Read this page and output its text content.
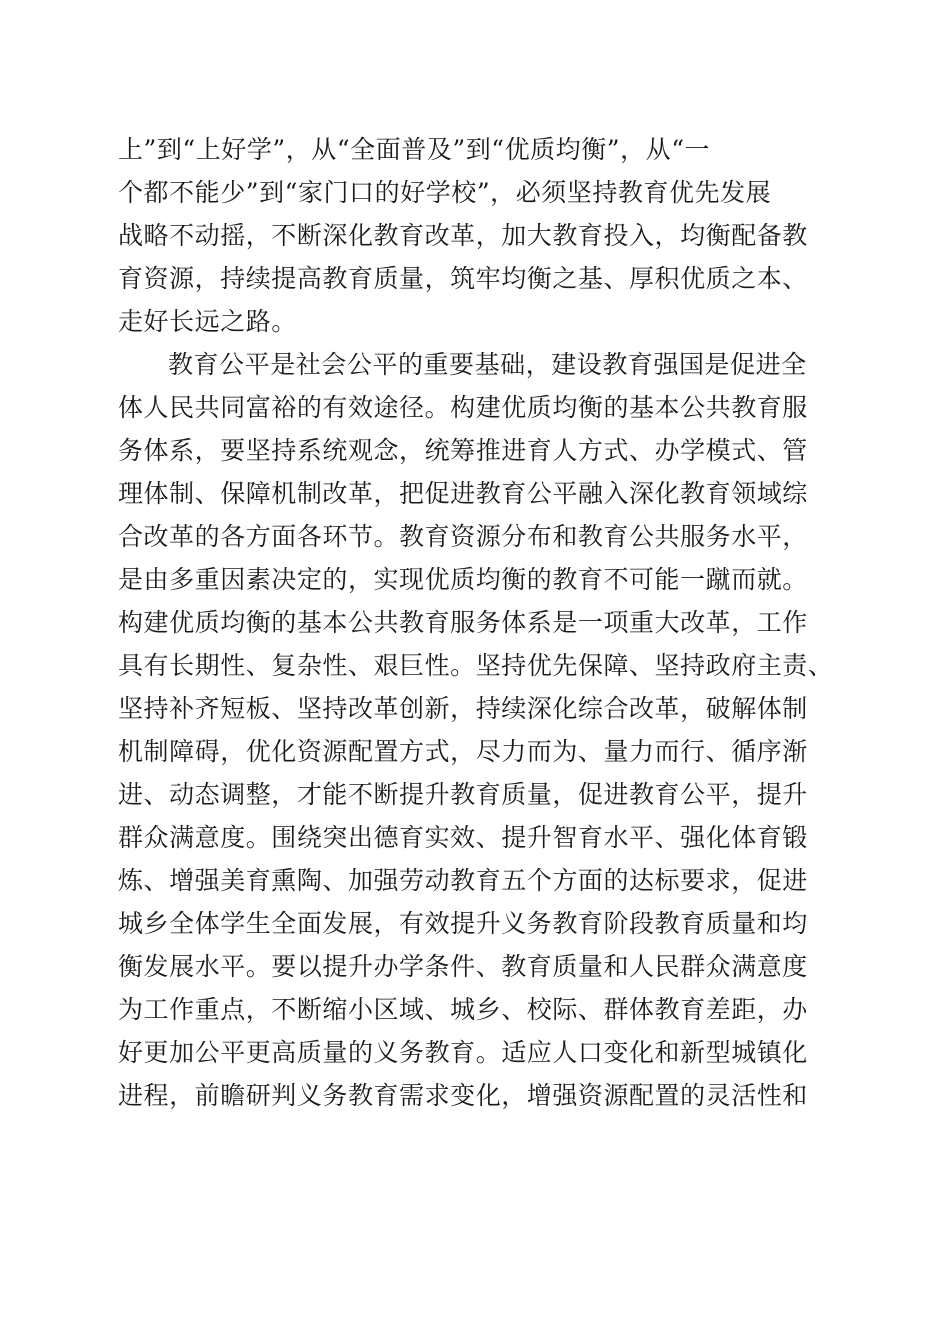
上”到“上好学”，从“全面普及”到“优质均衡”，从“一
个都不能少”到“家门口的好学校”，必须坚持教育优先发展
战略不动摇，不断深化教育改革，加大教育投入，均衡配备教
育资源，持续提高教育质量，筑牢均衡之基、厚积优质之本、
走好长远之路。
教育公平是社会公平的重要基础，建设教育强国是促进全
体人民共同富裕的有效途径。构建优质均衡的基本公共教育服
务体系，要坚持系统观念，统筹推进育人方式、办学模式、管
理体制、保障机制改革，把促进教育公平融入深化教育领域综
合改革的各方面各环节。教育资源分布和教育公共服务水平，
是由多重因素决定的，实现优质均衡的教育不可能一蹴而就。
构建优质均衡的基本公共教育服务体系是一项重大改革，工作
具有长期性、复杂性、艰巨性。坚持优先保障、坚持政府主责、
坚持补齐短板、坚持改革创新，持续深化综合改革，破解体制
机制障碍，优化资源配置方式，尽力而为、量力而行、循序渐
进、动态调整，才能不断提升教育质量，促进教育公平，提升
群众满意度。围绕突出德育实效、提升智育水平、强化体育锻
炼、增强美育熏陶、加强劳动教育五个方面的达标要求，促进
城乡全体学生全面发展，有效提升义务教育阶段教育质量和均
衡发展水平。要以提升办学条件、教育质量和人民群众满意度
为工作重点，不断缩小区域、城乡、校际、群体教育差距，办
好更加公平更高质量的义务教育。适应人口变化和新型城镇化
进程，前瞻研判义务教育需求变化，增强资源配置的灵活性和
